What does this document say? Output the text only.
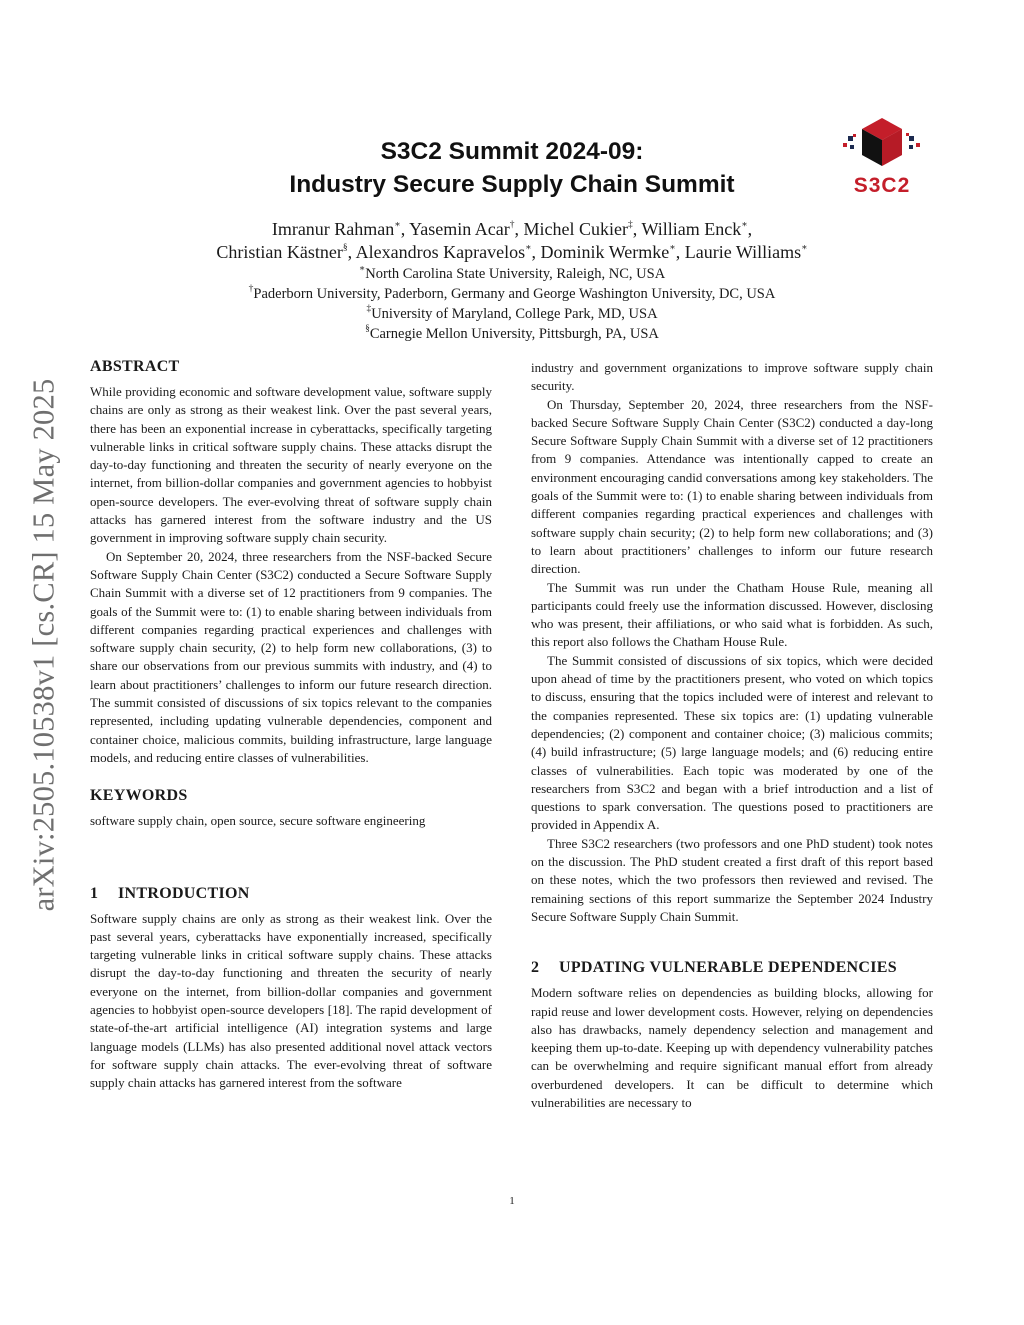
arXiv:2505.10538v1 [cs.CR] 15 May 2025
S3C2 Summit 2024-09:
Industry Secure Supply Chain Summit	S3C2
Imranur Rahman∗, Yasemin Acar†, Michel Cukier‡, William Enck∗,
Christian Kästner§, Alexandros Kapravelos∗, Dominik Wermke∗, Laurie Williams∗
∗North Carolina State University, Raleigh, NC, USA
†Paderborn University, Paderborn, Germany and George Washington University, DC, USA
‡University of Maryland, College Park, MD, USA
§Carnegie Mellon University, Pittsburgh, PA, USA
ABSTRACT

While providing economic and software development value, software supply chains are only as strong as their weakest link. Over the past several years, there has been an exponential increase in cyberattacks, specifically targeting vulnerable links in critical software supply chains. These attacks disrupt the day-to-day functioning and threaten the security of nearly everyone on the internet, from billion-dollar companies and government agencies to hobbyist open-source developers. The ever-evolving threat of software supply chain attacks has garnered interest from the software industry and the US government in improving software supply chain security.

On September 20, 2024, three researchers from the NSF-backed Secure Software Supply Chain Center (S3C2) conducted a Secure Software Supply Chain Summit with a diverse set of 12 practitioners from 9 companies. The goals of the Summit were to: (1) to enable sharing between individuals from different companies regarding practical experiences and challenges with software supply chain security, (2) to help form new collaborations, (3) to share our observations from our previous summits with industry, and (4) to learn about practitioners’ challenges to inform our future research direction. The summit consisted of discussions of six topics relevant to the companies represented, including updating vulnerable dependencies, component and container choice, malicious commits, building infrastructure, large language models, and reducing entire classes of vulnerabilities.

KEYWORDS

software supply chain, open source, secure software engineering

1 INTRODUCTION

Software supply chains are only as strong as their weakest link. Over the past several years, cyberattacks have exponentially increased, specifically targeting vulnerable links in critical software supply chains. These attacks disrupt the day-to-day functioning and threaten the security of nearly everyone on the internet, from billion-dollar companies and government agencies to hobbyist open-source developers [18]. The rapid development of state-of-the-art artificial intelligence (AI) integration systems and large language models (LLMs) has also presented additional novel attack vectors for software supply chain attacks. The ever-evolving threat of software supply chain attacks has garnered interest from the software

industry and government organizations to improve software supply chain security.

On Thursday, September 20, 2024, three researchers from the NSF-backed Secure Software Supply Chain Center (S3C2) conducted a day-long Secure Software Supply Chain Summit with a diverse set of 12 practitioners from 9 companies. Attendance was intentionally capped to create an environment encouraging candid conversations among key stakeholders. The goals of the Summit were to: (1) to enable sharing between individuals from different companies regarding practical experiences and challenges with software supply chain security; (2) to help form new collaborations; and (3) to learn about practitioners’ challenges to inform our future research direction.

The Summit was run under the Chatham House Rule, meaning all participants could freely use the information discussed. However, disclosing who was present, their affiliations, or who said what is forbidden. As such, this report also follows the Chatham House Rule.

The Summit consisted of discussions of six topics, which were decided upon ahead of time by the practitioners present, who voted on which topics to discuss, ensuring that the topics included were of interest and relevant to the companies represented. These six topics are: (1) updating vulnerable dependencies; (2) component and container choice; (3) malicious commits; (4) build infrastructure; (5) large language models; and (6) reducing entire classes of vulnerabilities. Each topic was moderated by one of the researchers from S3C2 and began with a brief introduction and a list of questions to spark conversation. The questions posed to practitioners are provided in Appendix A.

Three S3C2 researchers (two professors and one PhD student) took notes on the discussion. The PhD student created a first draft of this report based on these notes, which the two professors then reviewed and revised. The remaining sections of this report summarize the September 2024 Industry Secure Software Supply Chain Summit.

2 UPDATING VULNERABLE DEPENDENCIES

Modern software relies on dependencies as building blocks, allowing for rapid reuse and lower development costs. However, relying on dependencies also has drawbacks, namely dependency selection and management and keeping them up-to-date. Keeping up with dependency vulnerability patches can be overwhelming and require significant manual effort from already overburdened developers. It can be difficult to determine which vulnerabilities are necessary to

1
